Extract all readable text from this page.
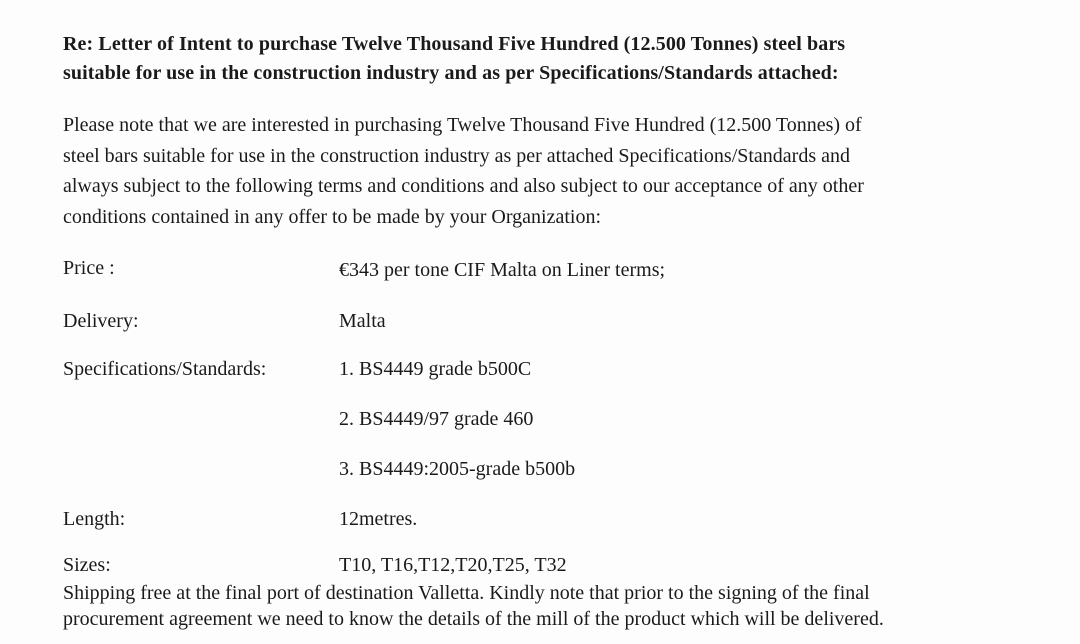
Re: Letter of Intent to purchase Twelve Thousand Five Hundred (12.500 Tonnes) steel bars
suitable for use in the construction industry and as per Specifications/Standards attached:
Please note that we are interested in purchasing Twelve Thousand Five Hundred (12.500 Tonnes) of
steel bars suitable for use in the construction industry as per attached Specifications/Standards and
always subject to the following terms and conditions and also subject to our acceptance of any other
conditions contained in any offer to be made by your Organization:
Price :	€343 per tone CIF Malta on Liner terms;
Delivery:	Malta
Specifications/Standards:	1. BS4449 grade b500C
2. BS4449/97 grade 460
3. BS4449:2005-grade b500b
Length:	12metres.
Sizes:	T10, T16,T12,T20,T25, T32
Shipping free at the final port of destination Valletta. Kindly note that prior to the signing of the final
procurement agreement we need to know the details of the mill of the product which will be delivered.
